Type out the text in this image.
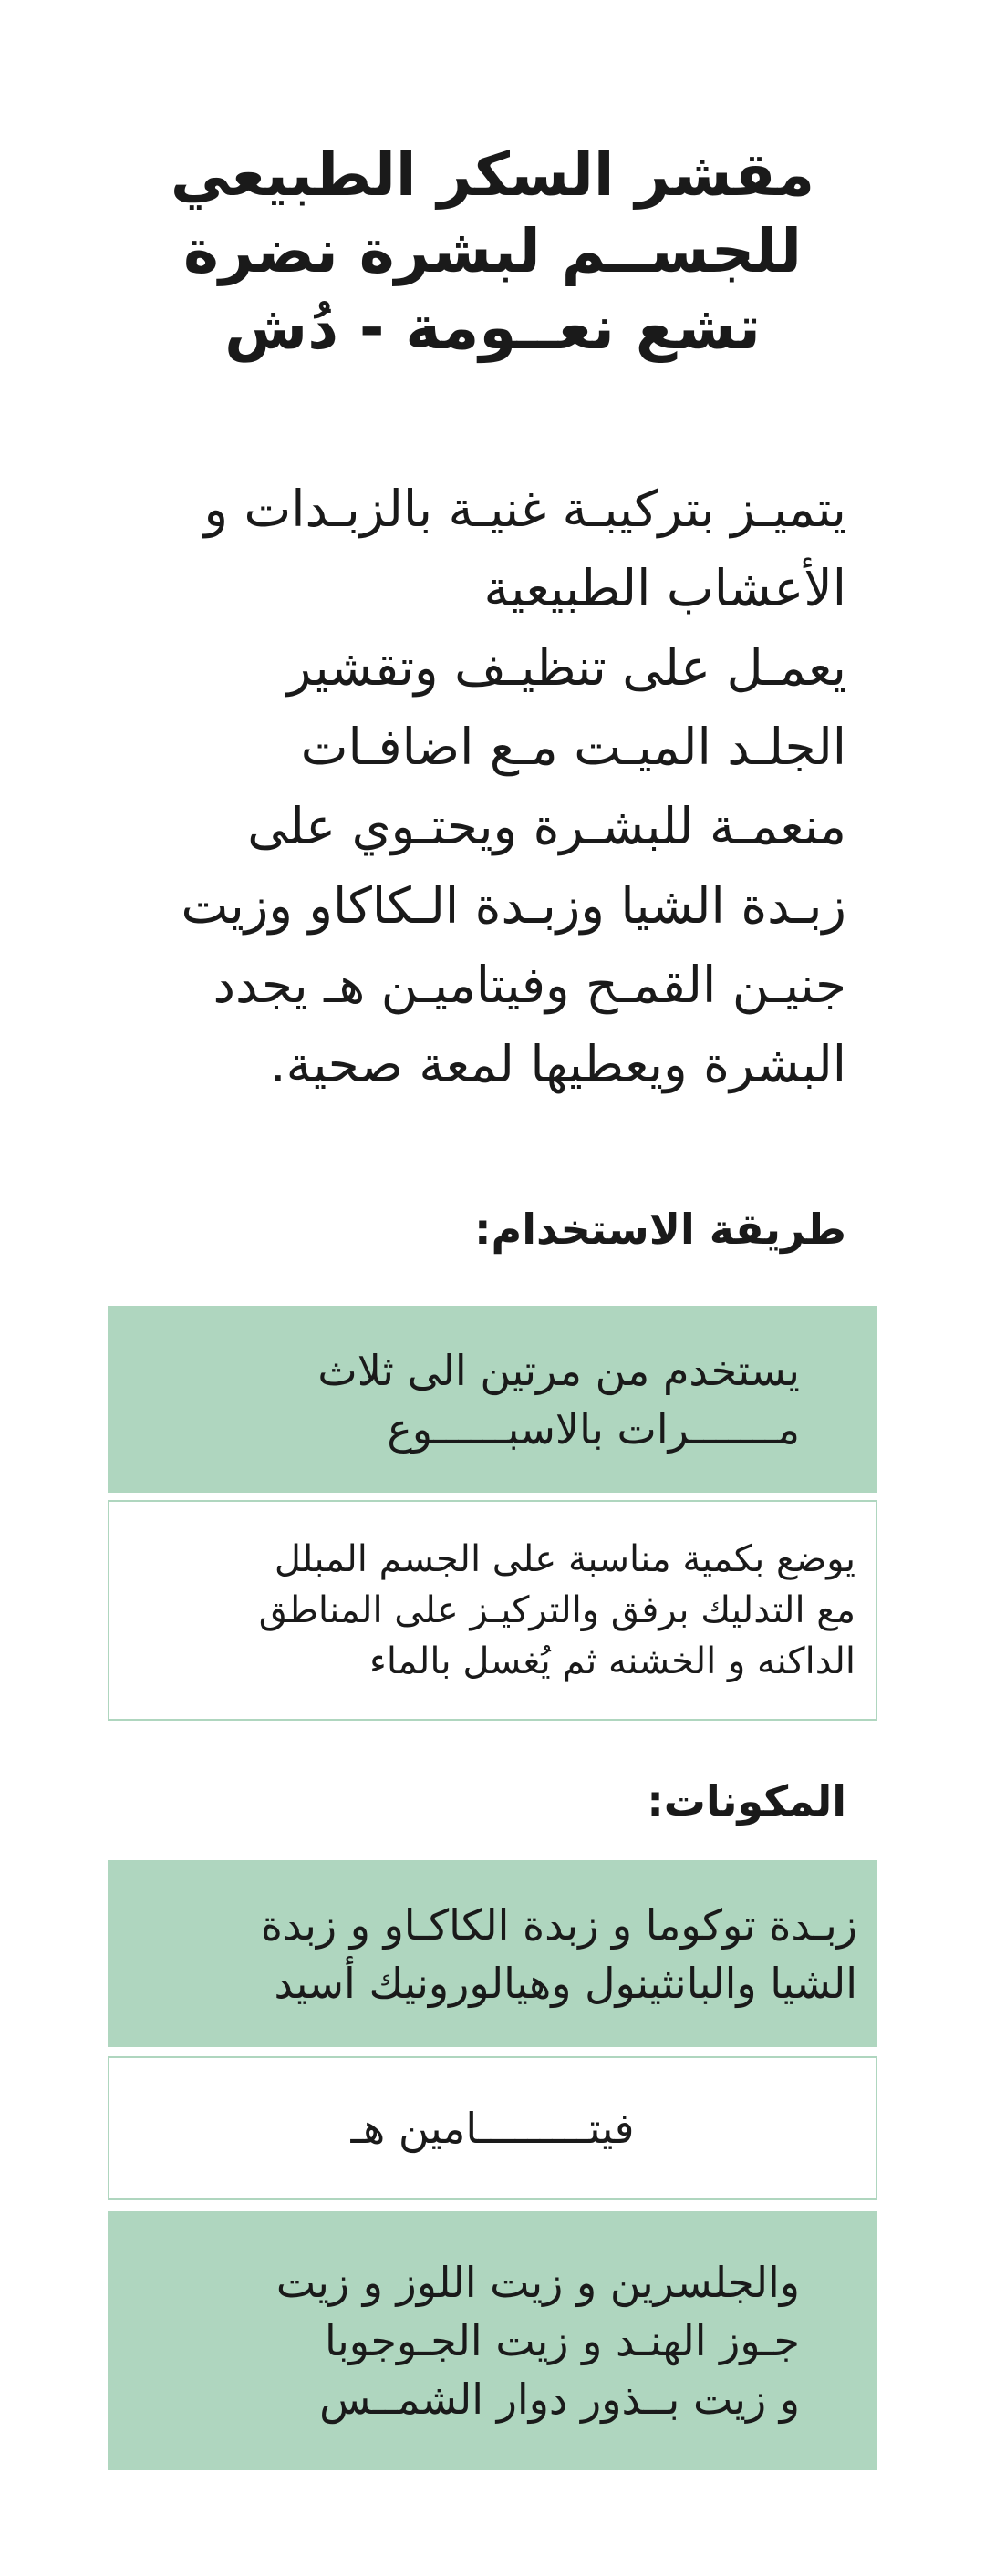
مقشر السكر الطبيعي
للجســم لبشرة نضرة
تشع نعــومة - دُش

يتميـز بتركيبـة غنيـة بالزبـدات و
الأعشاب الطبيعية
يعمـل على تنظيـف وتقشير
الجلـد الميـت مـع اضافـات
منعمـة للبشـرة ويحتـوي على
زبـدة الشيا وزبـدة الـكاكاو وزيت
جنيـن القمـح وفيتاميـن هـ يجدد
البشرة ويعطيها لمعة صحية.

طريقة الاستخدام:

يستخدم من مرتين الى ثلاث
مـــــــرات بالاسبــــــوع

يوضع بكمية مناسبة على الجسم المبلل
مع التدليك برفق والتركيـز على المناطق
الداكنه و الخشنه ثم يُغسل بالماء

المكونات:

زبـدة توكوما و زبدة الكاكـاو و زبدة
الشيا والبانثينول وهيالورونيك أسيد

فيتـــــــــامين هـ

والجلسرين و زيت اللوز و زيت
جـوز الهنـد و زيت الجـوجوبا
و زيت بــذور دوار الشمــس
